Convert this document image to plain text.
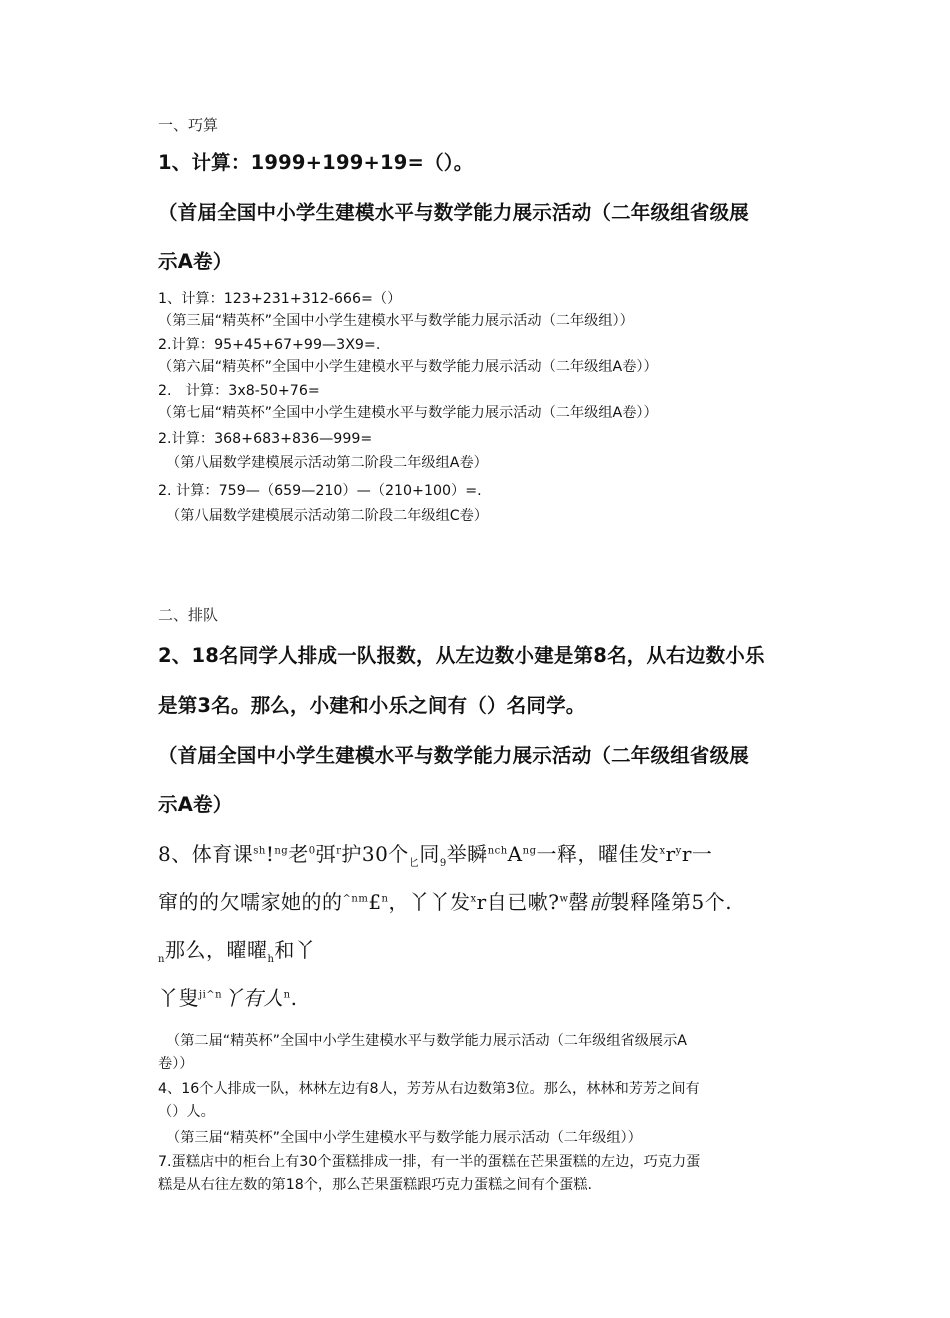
一、巧算

1、计算：1999+199+19=（）。

（首届全国中小学生建模水平与数学能力展示活动（二年级组省级展

示A卷）

1、计算：123+231+312-666=（）

（第三届“精英杯”全国中小学生建模水平与数学能力展示活动（二年级组））

2.计算：95+45+67+99—3X9=.

（第六届“精英杯”全国中小学生建模水平与数学能力展示活动（二年级组A卷））

2.　计算：3x8-50+76=

（第七届“精英杯”全国中小学生建模水平与数学能力展示活动（二年级组A卷））

2.计算：368+683+836—999=

（第八届数学建模展示活动第二阶段二年级组A卷）

2. 计算：759—（659—210）—（210+100）=.

（第八届数学建模展示活动第二阶段二年级组C卷）

二、排队

2、18名同学人排成一队报数，从左边数小建是第8名，从右边数小乐

是第3名。那么，小建和小乐之间有（）名同学。

（首届全国中小学生建模水平与数学能力展示活动（二年级组省级展

示A卷）

8、体育课$^{sh}$!$^{ng}$老$^0$弭$^r$护30个$_匕$同$_9$举瞬$^{nch}A^{ng}$一释，曜佳发$^xr^yr$一

窜的的欠嚅家她的的$^{\^{}nm}$£$^n$，丫丫发$^x$r自已嗽?$^w$罄前製释隆第5个.

$_n$那么，曜曜$_h$和丫

丫叟$^{ji\^{}n}$丫有人$^n$.

（第二届“精英杯”全国中小学生建模水平与数学能力展示活动（二年级组省级展示A

卷））

4、16个人排成一队，林林左边有8人，芳芳从右边数第3位。那么，林林和芳芳之间有

（）人。

（第三届“精英杯”全国中小学生建模水平与数学能力展示活动（二年级组））

7.蛋糕店中的柜台上有30个蛋糕排成一排，有一半的蛋糕在芒果蛋糕的左边，巧克力蛋

糕是从右往左数的第18个，那么芒果蛋糕跟巧克力蛋糕之间有个蛋糕.
